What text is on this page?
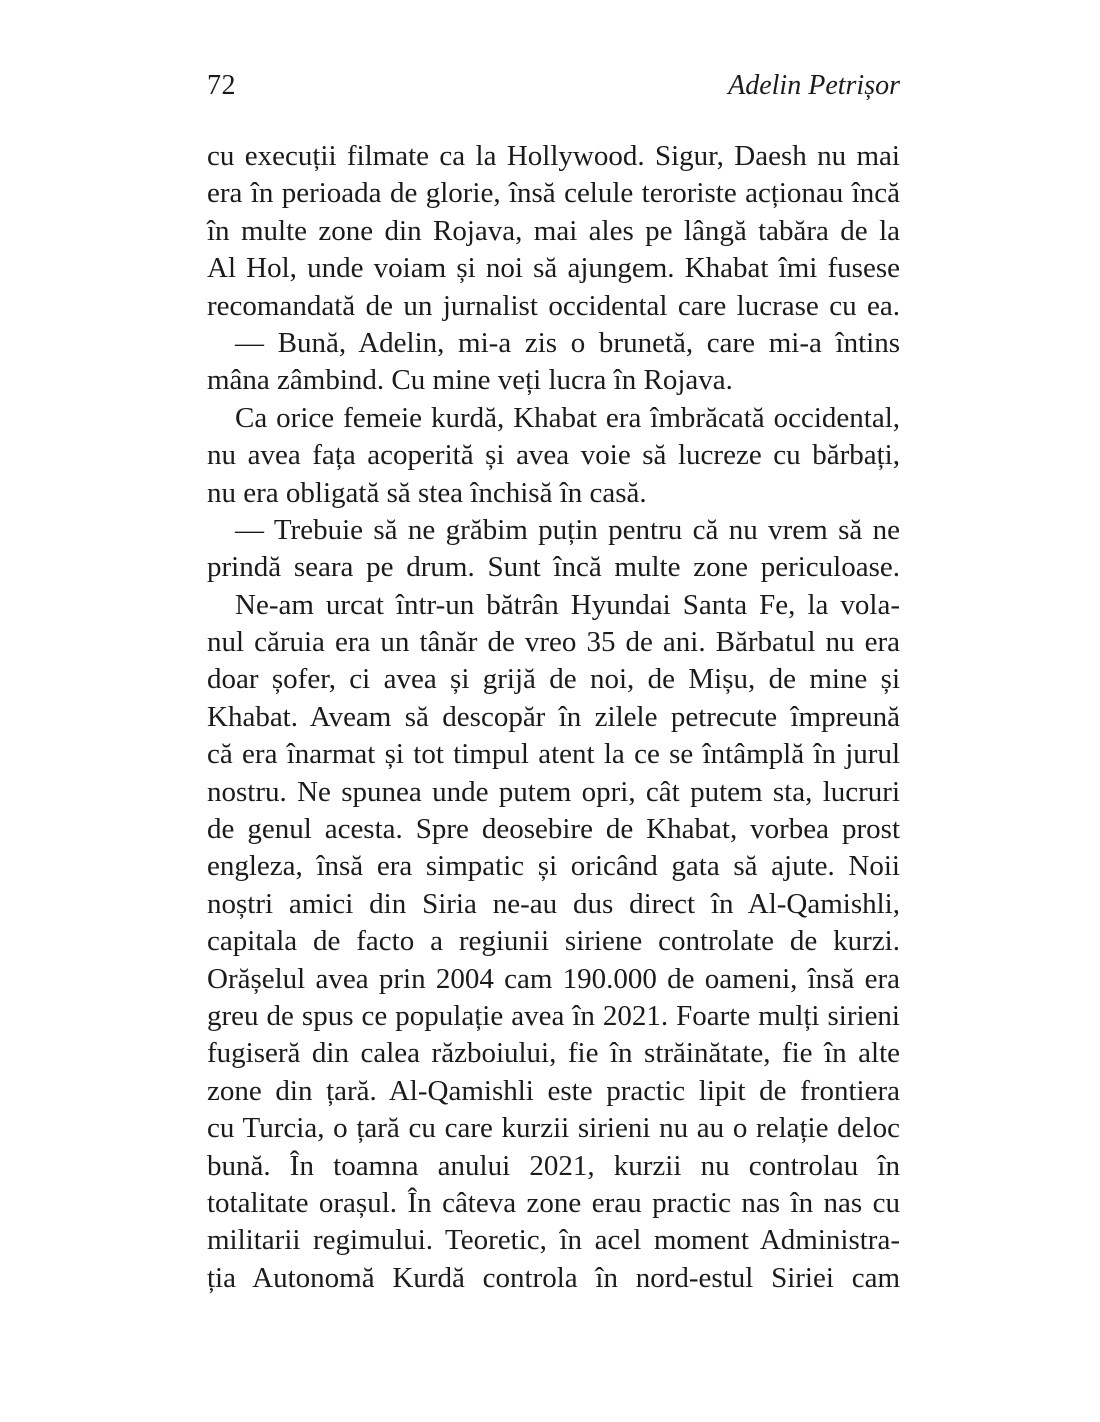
72	Adelin Petrișor
cu execuții filmate ca la Hollywood. Sigur, Daesh nu mai
era în perioada de glorie, însă celule teroriste acționau încă
în multe zone din Rojava, mai ales pe lângă tabăra de la
Al Hol, unde voiam și noi să ajungem. Khabat îmi fusese
recomandată de un jurnalist occidental care lucrase cu ea.
— Bună, Adelin, mi-a zis o brunetă, care mi-a întins
mâna zâmbind. Cu mine veți lucra în Rojava.
Ca orice femeie kurdă, Khabat era îmbrăcată occidental,
nu avea fața acoperită și avea voie să lucreze cu bărbați,
nu era obligată să stea închisă în casă.
— Trebuie să ne grăbim puțin pentru că nu vrem să ne
prindă seara pe drum. Sunt încă multe zone periculoase.
Ne-am urcat într-un bătrân Hyundai Santa Fe, la vola-
nul căruia era un tânăr de vreo 35 de ani. Bărbatul nu era
doar șofer, ci avea și grijă de noi, de Mișu, de mine și
Khabat. Aveam să descopăr în zilele petrecute împreună
că era înarmat și tot timpul atent la ce se întâmplă în jurul
nostru. Ne spunea unde putem opri, cât putem sta, lucruri
de genul acesta. Spre deosebire de Khabat, vorbea prost
engleza, însă era simpatic și oricând gata să ajute. Noii
noștri amici din Siria ne-au dus direct în Al-Qamishli,
capitala de facto a regiunii siriene controlate de kurzi.
Orășelul avea prin 2004 cam 190.000 de oameni, însă era
greu de spus ce populație avea în 2021. Foarte mulți sirieni
fugiseră din calea războiului, fie în străinătate, fie în alte
zone din țară. Al-Qamishli este practic lipit de frontiera
cu Turcia, o țară cu care kurzii sirieni nu au o relație deloc
bună. În toamna anului 2021, kurzii nu controlau în
totalitate orașul. În câteva zone erau practic nas în nas cu
militarii regimului. Teoretic, în acel moment Administra-
ția Autonomă Kurdă controla în nord-estul Siriei cam
